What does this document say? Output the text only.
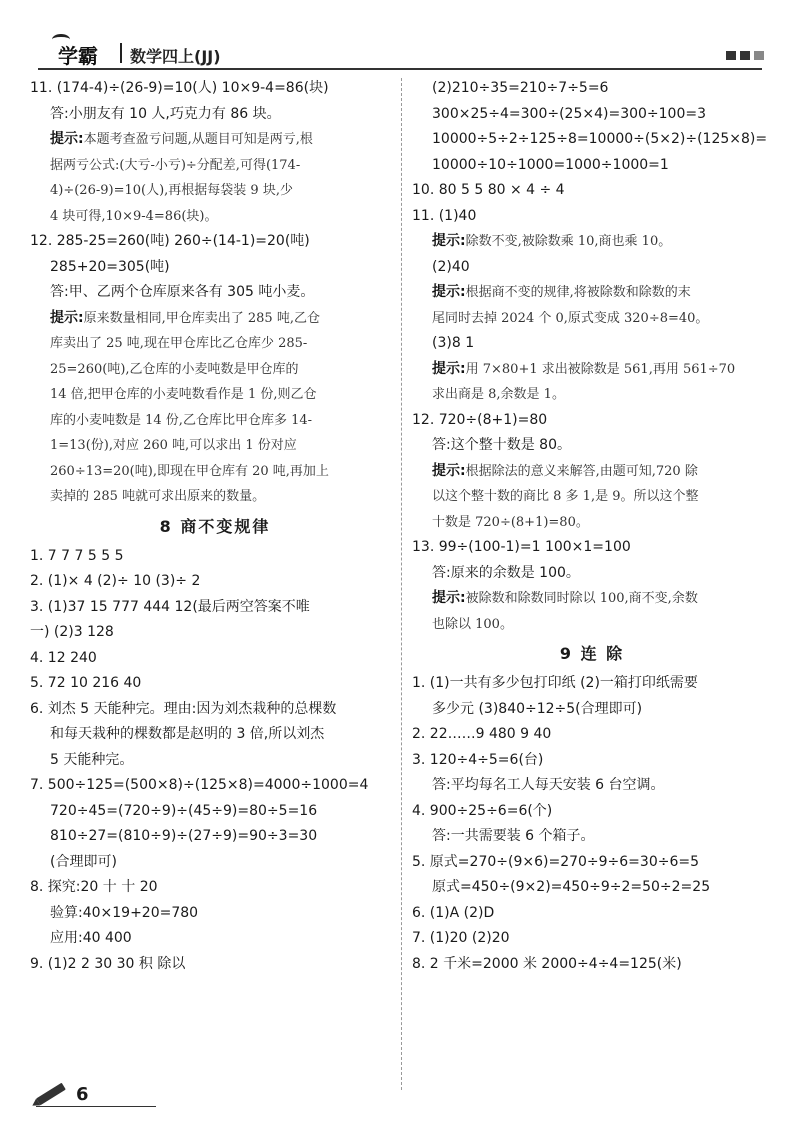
学霸 数学四上(JJ)
11. (174-4)÷(26-9)=10(人) 10×9-4=86(块)
答:小朋友有 10 人,巧克力有 86 块。
提示:本题考查盈亏问题,从题目可知是两亏,根
据两亏公式:(大亏-小亏)÷分配差,可得(174-
4)÷(26-9)=10(人),再根据每袋装 9 块,少
4 块可得,10×9-4=86(块)。
12. 285-25=260(吨) 260÷(14-1)=20(吨)
285+20=305(吨)
答:甲、乙两个仓库原来各有 305 吨小麦。
提示:原来数量相同,甲仓库卖出了 285 吨,乙仓
库卖出了 25 吨,现在甲仓库比乙仓库少 285-
25=260(吨),乙仓库的小麦吨数是甲仓库的
14 倍,把甲仓库的小麦吨数看作是 1 份,则乙仓
库的小麦吨数是 14 份,乙仓库比甲仓库多 14-
1=13(份),对应 260 吨,可以求出 1 份对应
260÷13=20(吨),即现在甲仓库有 20 吨,再加上
卖掉的 285 吨就可求出原来的数量。
8 商不变规律
1. 7 7 7 5 5 5
2. (1)× 4 (2)÷ 10 (3)÷ 2
3. (1)37 15 777 444 12(最后两空答案不唯
一) (2)3 128
4. 12 240
5. 72 10 216 40
6. 刘杰 5 天能种完。理由:因为刘杰栽种的总棵数
和每天栽种的棵数都是赵明的 3 倍,所以刘杰
5 天能种完。
7. 500÷125=(500×8)÷(125×8)=4000÷1000=4
720÷45=(720÷9)÷(45÷9)=80÷5=16
810÷27=(810÷9)÷(27÷9)=90÷3=30
(合理即可)
8. 探究:20 十 十 20
验算:40×19+20=780
应用:40 400
9. (1)2 2 30 30 积 除以
(2)210÷35=210÷7÷5=6
300×25÷4=300÷(25×4)=300÷100=3
10000÷5÷2÷125÷8=10000÷(5×2)÷(125×8)=
10000÷10÷1000=1000÷1000=1
10. 80 5 5 80 × 4 ÷ 4
11. (1)40
提示:除数不变,被除数乘 10,商也乘 10。
(2)40
提示:根据商不变的规律,将被除数和除数的末
尾同时去掉 2024 个 0,原式变成 320÷8=40。
(3)8 1
提示:用 7×80+1 求出被除数是 561,再用 561÷70
求出商是 8,余数是 1。
12. 720÷(8+1)=80
答:这个整十数是 80。
提示:根据除法的意义来解答,由题可知,720 除
以这个整十数的商比 8 多 1,是 9。所以这个整
十数是 720÷(8+1)=80。
13. 99÷(100-1)=1 100×1=100
答:原来的余数是 100。
提示:被除数和除数同时除以 100,商不变,余数
也除以 100。
9 连 除
1. (1)一共有多少包打印纸 (2)一箱打印纸需要
多少元 (3)840÷12÷5(合理即可)
2. 22……9 480 9 40
3. 120÷4÷5=6(台)
答:平均每名工人每天安装 6 台空调。
4. 900÷25÷6=6(个)
答:一共需要装 6 个箱子。
5. 原式=270÷(9×6)=270÷9÷6=30÷6=5
原式=450÷(9×2)=450÷9÷2=50÷2=25
6. (1)A (2)D
7. (1)20 (2)20
8. 2 千米=2000 米 2000÷4÷4=125(米)
6
